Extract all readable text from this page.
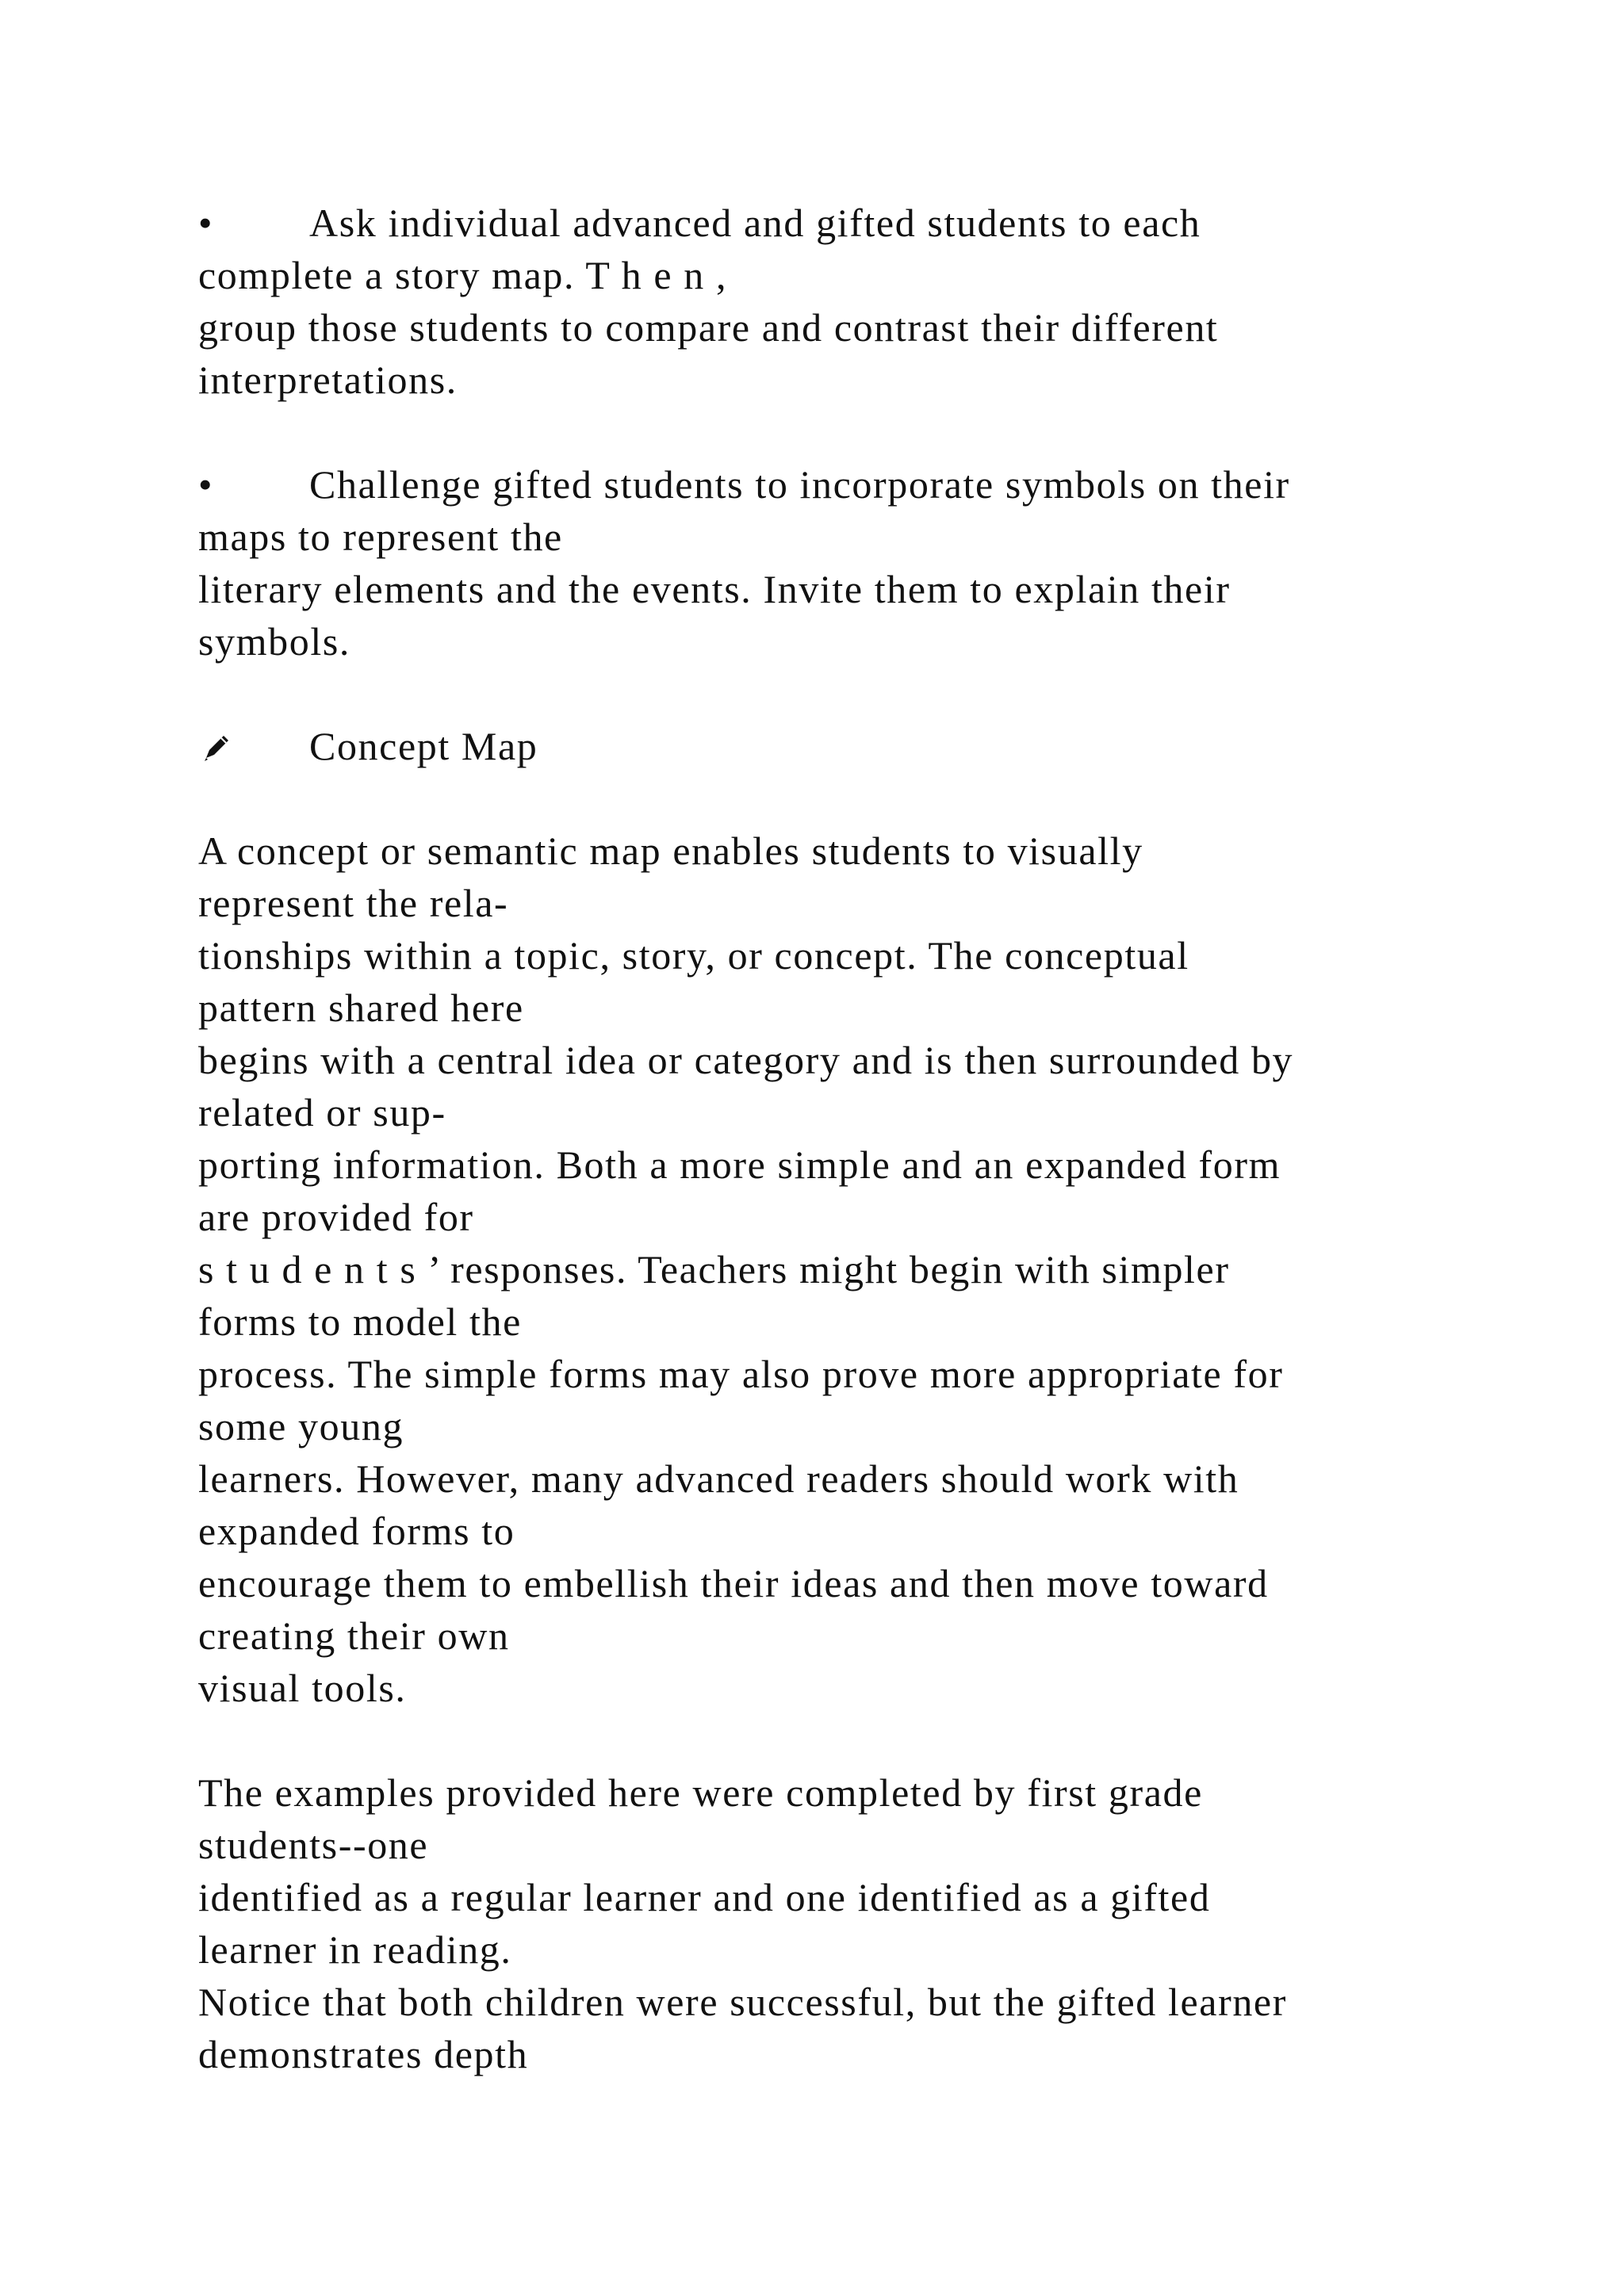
• Ask individual advanced and gifted students to each
complete a story map. T h e n ,
group those students to compare and contrast their different
interpretations.
• Challenge gifted students to incorporate symbols on their
maps to represent the
literary elements and the events. Invite them to explain their
symbols.
Concept Map
A concept or semantic map enables students to visually
represent the rela-
tionships within a topic, story, or concept. The conceptual
pattern shared here
begins with a central idea or category and is then surrounded by
related or sup-
porting information. Both a more simple and an expanded form
are provided for
s t u d e n t s ’ responses. Teachers might begin with simpler
forms to model the
process. The simple forms may also prove more appropriate for
some young
learners. However, many advanced readers should work with
expanded forms to
encourage them to embellish their ideas and then move toward
creating their own
visual tools.
The examples provided here were completed by first grade
students--one
identified as a regular learner and one identified as a gifted
learner in reading.
Notice that both children were successful, but the gifted learner
demonstrates depth
